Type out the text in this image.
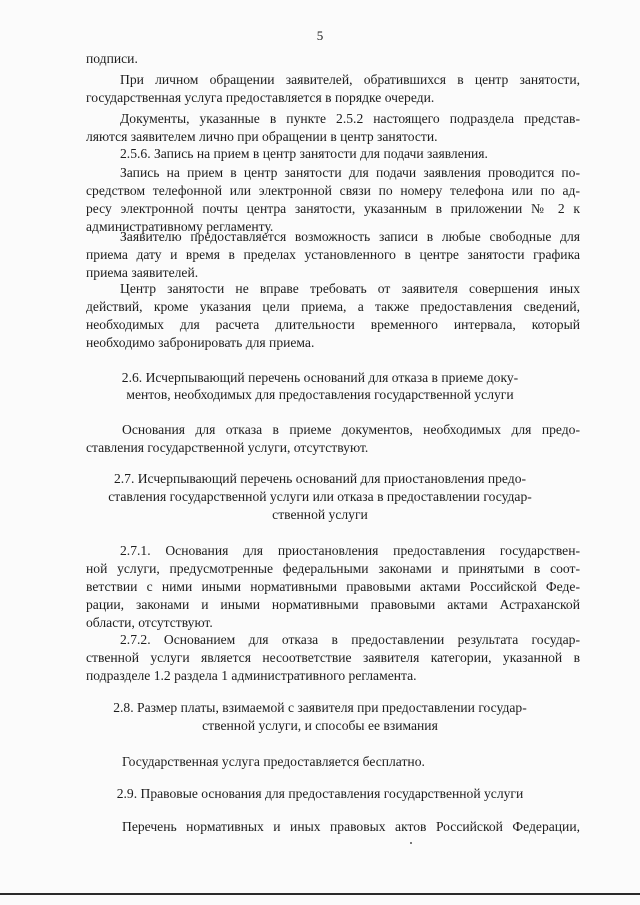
5
подписи.
При личном обращении заявителей, обратившихся в центр занятости,
государственная услуга предоставляется в порядке очереди.
Документы, указанные в пункте 2.5.2 настоящего подраздела представ-
ляются заявителем лично при обращении в центр занятости.
2.5.6. Запись на прием в центр занятости для подачи заявления.
Запись на прием в центр занятости для подачи заявления проводится по-
средством телефонной или электронной связи по номеру телефона или по ад-
ресу электронной почты центра занятости, указанным в приложении № 2 к
административному регламенту.
Заявителю предоставляется возможность записи в любые свободные для
приема дату и время в пределах установленного в центре занятости графика
приема заявителей.
Центр занятости не вправе требовать от заявителя совершения иных
действий, кроме указания цели приема, а также предоставления сведений,
необходимых для расчета длительности временного интервала, который
необходимо забронировать для приема.
2.6. Исчерпывающий перечень оснований для отказа в приеме доку-
ментов, необходимых для предоставления государственной услуги
Основания для отказа в приеме документов, необходимых для предо-
ставления государственной услуги, отсутствуют.
2.7. Исчерпывающий перечень оснований для приостановления предо-
ставления государственной услуги или отказа в предоставлении государ-
ственной услуги
2.7.1. Основания для приостановления предоставления государствен-
ной услуги, предусмотренные федеральными законами и принятыми в соот-
ветствии с ними иными нормативными правовыми актами Российской Феде-
рации, законами и иными нормативными правовыми актами Астраханской
области, отсутствуют.
2.7.2. Основанием для отказа в предоставлении результата государ-
ственной услуги является несоответствие заявителя категории, указанной в
подразделе 1.2 раздела 1 административного регламента.
2.8. Размер платы, взимаемой с заявителя при предоставлении государ-
ственной услуги, и способы ее взимания
Государственная услуга предоставляется бесплатно.
2.9. Правовые основания для предоставления государственной услуги
Перечень нормативных и иных правовых актов Российской Федерации,
